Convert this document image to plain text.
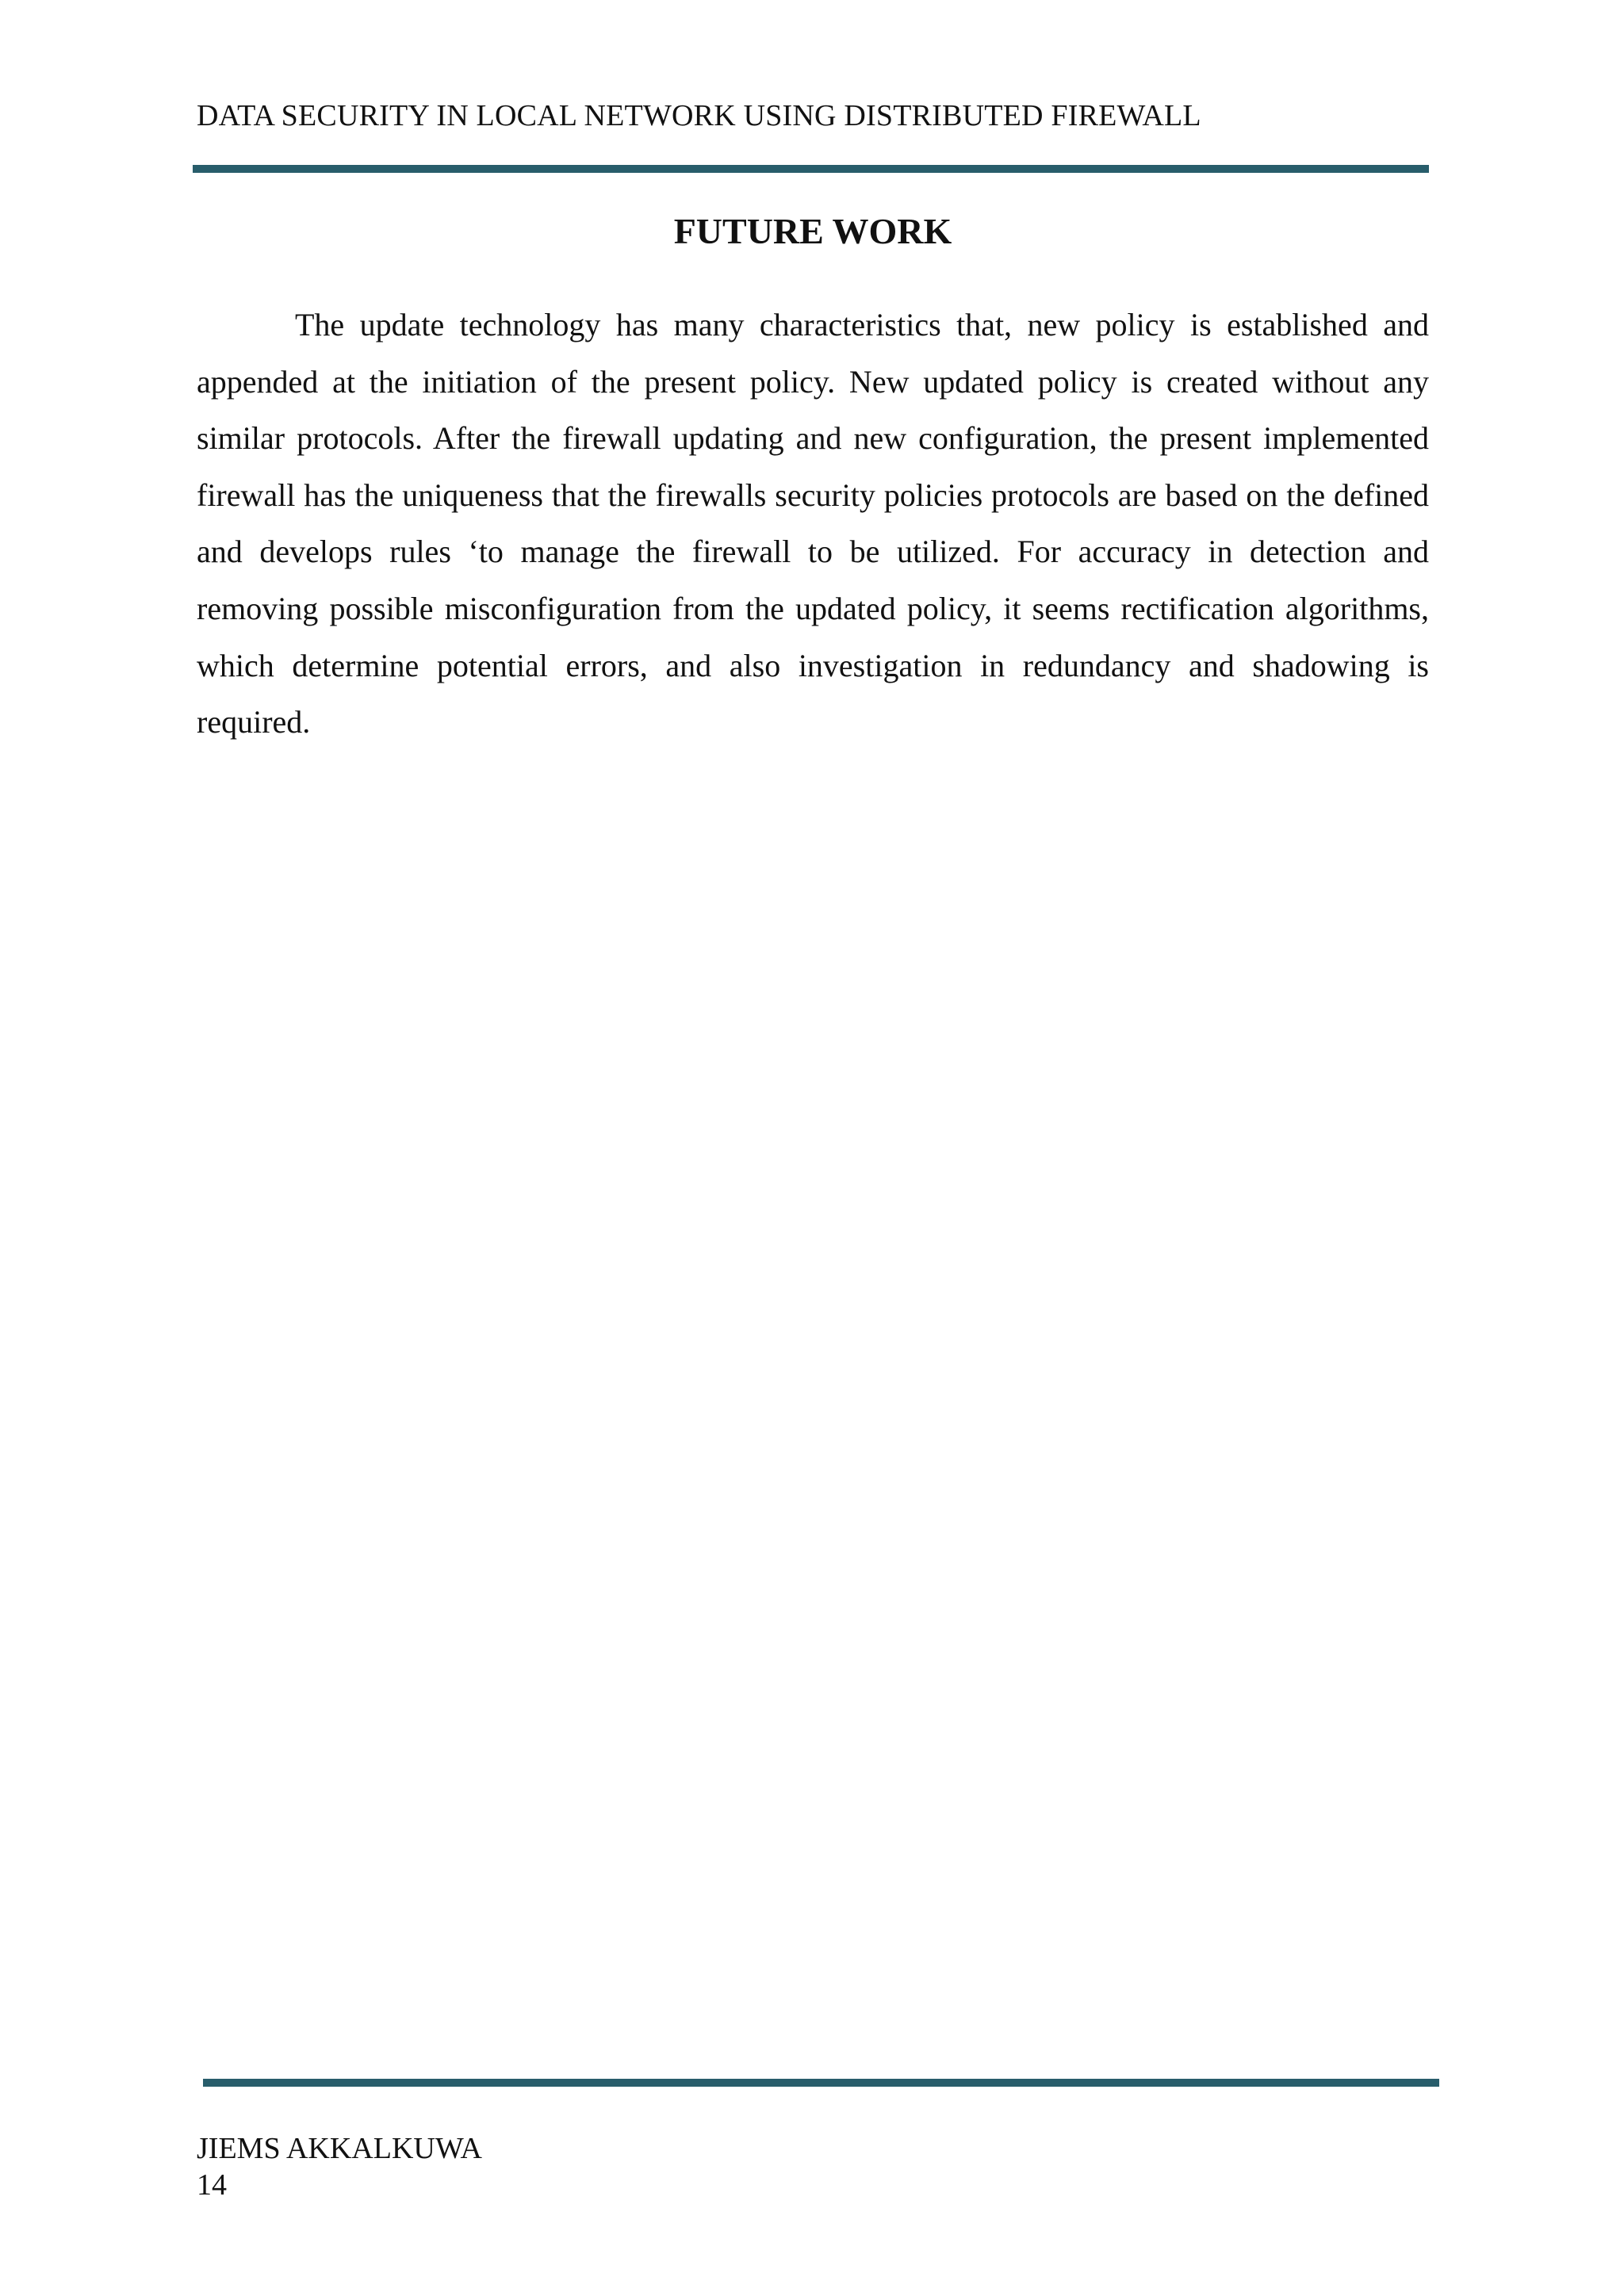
DATA SECURITY IN LOCAL NETWORK USING DISTRIBUTED FIREWALL
FUTURE WORK

The update technology has many characteristics that, new policy is established and appended at the initiation of the present policy. New updated policy is created without any similar protocols. After the firewall updating and new configuration, the present implemented firewall has the uniqueness that the firewalls security policies protocols are based on the defined and develops rules ‘to manage the firewall to be utilized. For accuracy in detection and removing possible misconfiguration from the updated policy, it seems rectification algorithms, which determine potential errors, and also investigation in redundancy and shadowing is required.

JIEMS AKKALKUWA
14
